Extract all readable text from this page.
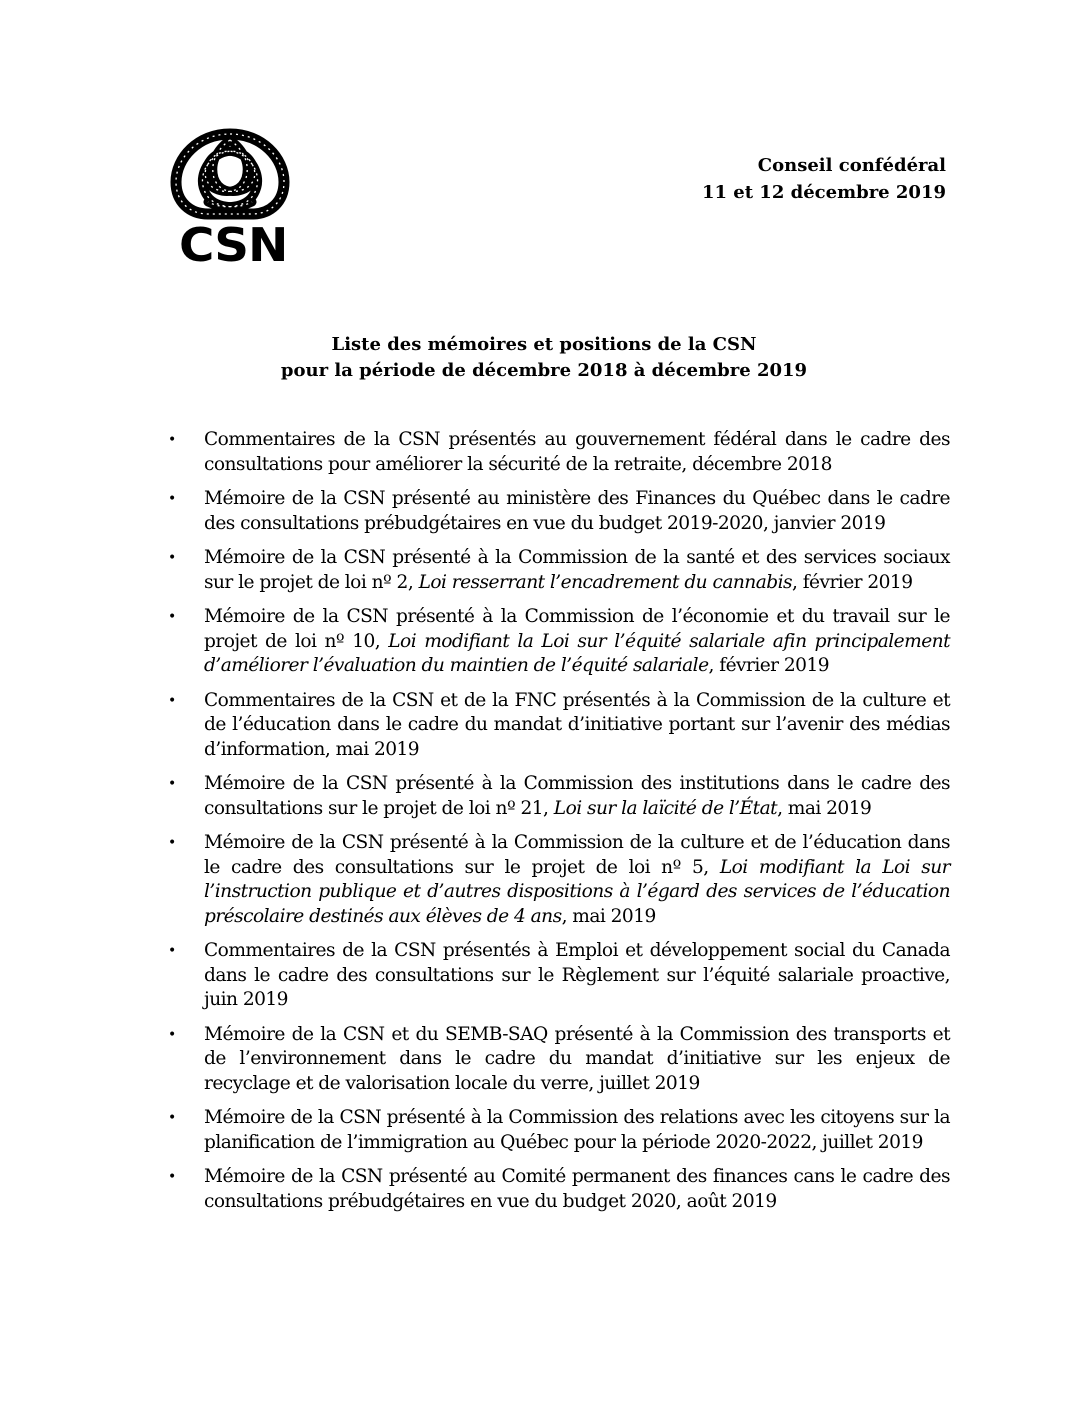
CSN
Conseil confédéral
11 et 12 décembre 2019
Liste des mémoires et positions de la CSN
pour la période de décembre 2018 à décembre 2019
• Commentaires de la CSN présentés au gouvernement fédéral dans le cadre des consultations pour améliorer la sécurité de la retraite, décembre 2018
• Mémoire de la CSN présenté au ministère des Finances du Québec dans le cadre des consultations prébudgétaires en vue du budget 2019-2020, janvier 2019
• Mémoire de la CSN présenté à la Commission de la santé et des services sociaux sur le projet de loi nº 2, Loi resserrant l’encadrement du cannabis, février 2019
• Mémoire de la CSN présenté à la Commission de l’économie et du travail sur le projet de loi nº 10, Loi modifiant la Loi sur l’équité salariale afin principalement d’améliorer l’évaluation du maintien de l’équité salariale, février 2019
• Commentaires de la CSN et de la FNC présentés à la Commission de la culture et de l’éducation dans le cadre du mandat d’initiative portant sur l’avenir des médias d’information, mai 2019
• Mémoire de la CSN présenté à la Commission des institutions dans le cadre des consultations sur le projet de loi nº 21, Loi sur la laïcité de l’État, mai 2019
• Mémoire de la CSN présenté à la Commission de la culture et de l’éducation dans le cadre des consultations sur le projet de loi nº 5, Loi modifiant la Loi sur l’instruction publique et d’autres dispositions à l’égard des services de l’éducation préscolaire destinés aux élèves de 4 ans, mai 2019
• Commentaires de la CSN présentés à Emploi et développement social du Canada dans le cadre des consultations sur le Règlement sur l’équité salariale proactive, juin 2019
• Mémoire de la CSN et du SEMB-SAQ présenté à la Commission des transports et de l’environnement dans le cadre du mandat d’initiative sur les enjeux de recyclage et de valorisation locale du verre, juillet 2019
• Mémoire de la CSN présenté à la Commission des relations avec les citoyens sur la planification de l’immigration au Québec pour la période 2020-2022, juillet 2019
• Mémoire de la CSN présenté au Comité permanent des finances cans le cadre des consultations prébudgétaires en vue du budget 2020, août 2019
